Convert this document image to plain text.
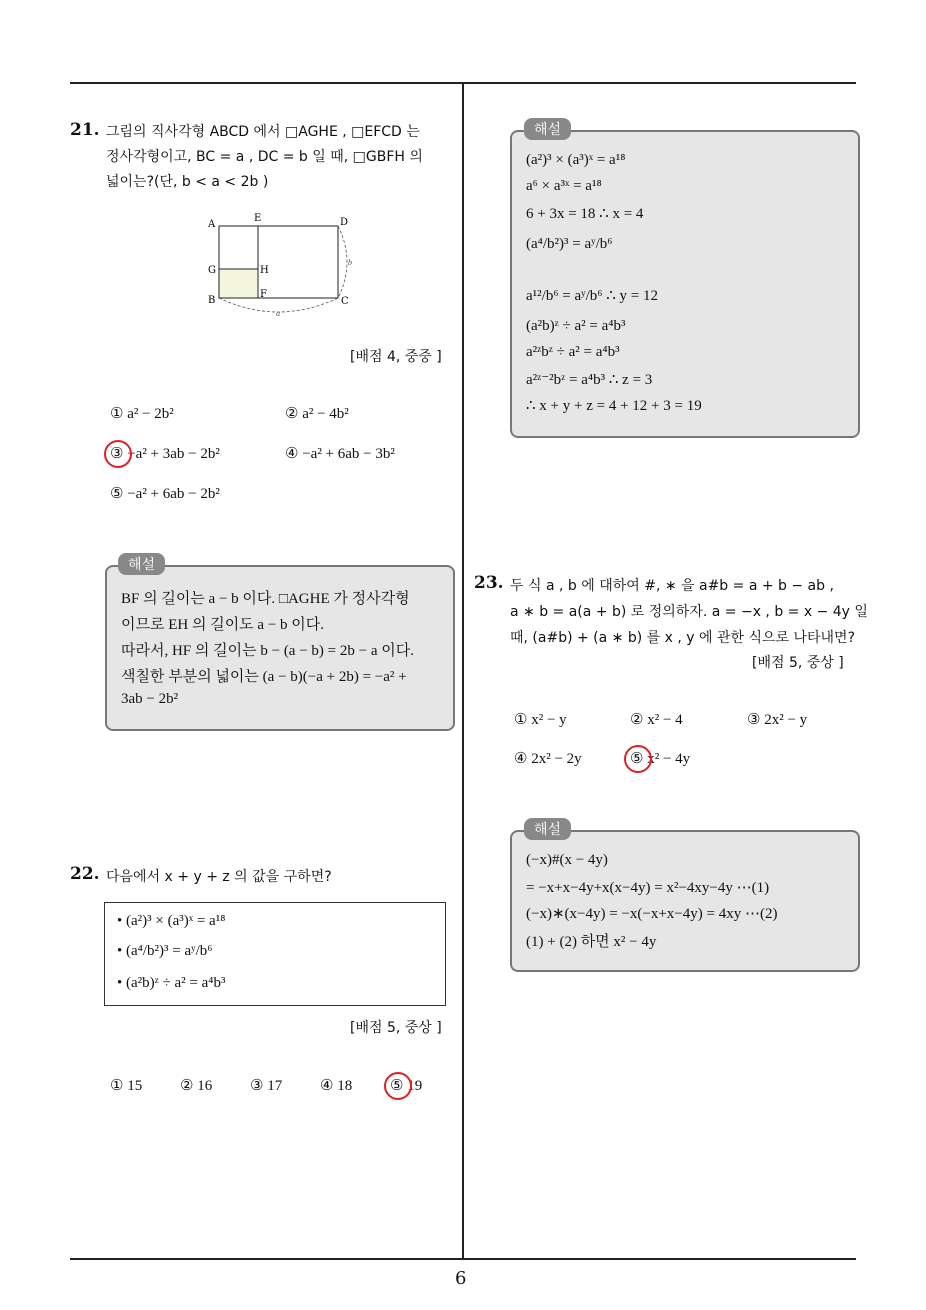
6
21. 그림의 직사각형 ABCD 에서 □AGHE , □EFCD 는
정사각형이고, BC = a , DC = b 일 때, □GBFH 의
넓이는?(단, b < a < 2b )
A
E	D
G	H
B
F
C
a
b
[배점 4, 중중 ]
① a² − 2b²	② a² − 4b²
③ −a² + 3ab − 2b²	④ −a² + 6ab − 3b²
⑤ −a² + 6ab − 2b²
BF 의 길이는 a − b 이다. □AGHE 가 정사각형
이므로 EH 의 길이도 a − b 이다.
따라서, HF 의 길이는 b − (a − b) = 2b − a 이다.
색칠한 부분의 넓이는 (a − b)(−a + 2b) = −a² +
3ab − 2b²
해설
22. 다음에서 x + y + z 의 값을 구하면?
• (a²)³ × (a³)ˣ = a¹⁸
• (a⁴/b²)³ = aʸ/b⁶
• (a²b)ᶻ ÷ a² = a⁴b³
[배점 5, 중상 ]
① 15	② 16	③ 17	④ 18	⑤ 19
(a²)³ × (a³)ˣ = a¹⁸
a⁶ × a³ˣ = a¹⁸
6 + 3x = 18 ∴ x = 4
(a⁴/b²)³ = aʸ/b⁶
a¹²/b⁶ = aʸ/b⁶ ∴ y = 12
(a²b)ᶻ ÷ a² = a⁴b³
a²ᶻbᶻ ÷ a² = a⁴b³
a²ᶻ⁻²bᶻ = a⁴b³ ∴ z = 3
∴ x + y + z = 4 + 12 + 3 = 19
해설
23. 두 식 a , b 에 대하여 #, ∗ 을 a#b = a + b − ab ,
a ∗ b = a(a + b) 로 정의하자. a = −x , b = x − 4y 일
때, (a#b) + (a ∗ b) 를 x , y 에 관한 식으로 나타내면?
[배점 5, 중상 ]
① x² − y	② x² − 4	③ 2x² − y
④ 2x² − 2y	⑤ x² − 4y
(−x)#(x − 4y)
= −x+x−4y+x(x−4y) = x²−4xy−4y ⋯(1)
(−x)∗(x−4y) = −x(−x+x−4y) = 4xy ⋯(2)
(1) + (2) 하면 x² − 4y
해설
